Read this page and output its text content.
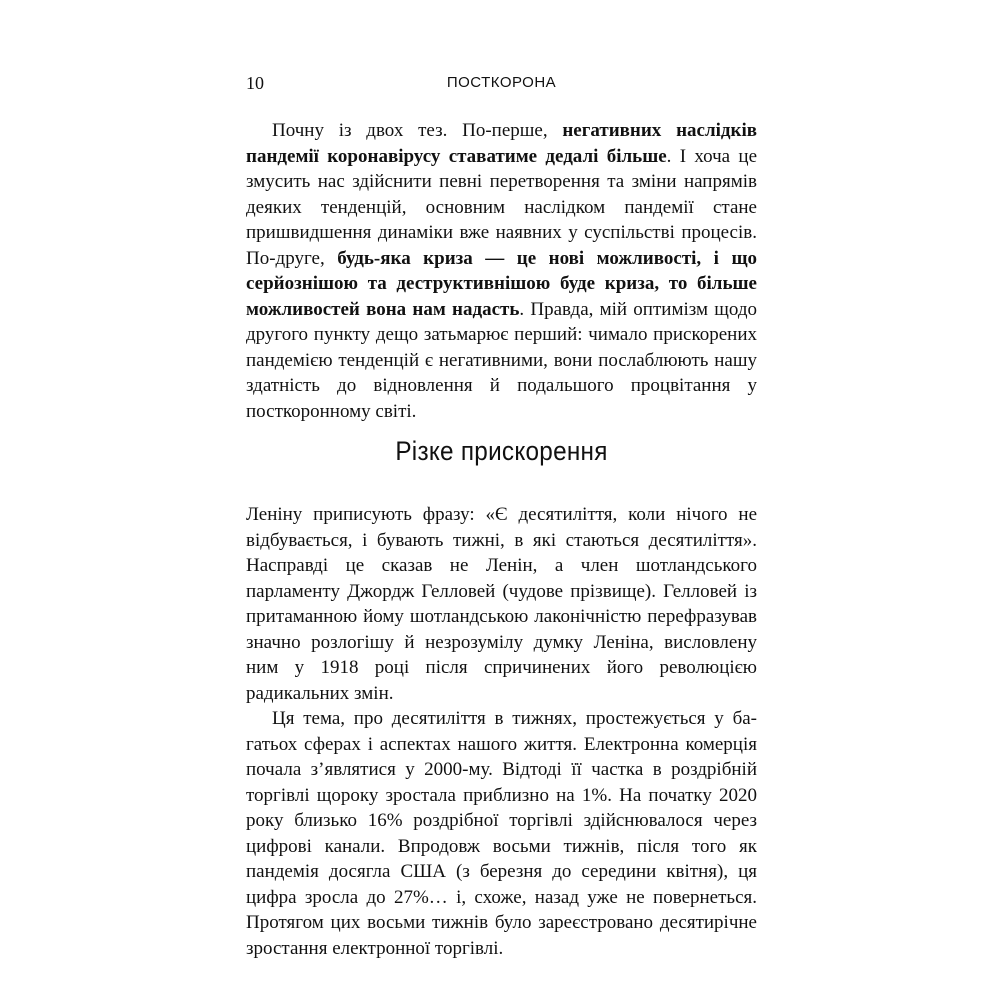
10	ПОСТКОРОНА

Почну із двох тез. По-перше, негативних наслідків пандемії коронавірусу ставатиме дедалі більше. І хоча це змусить нас здійснити певні перетворення та зміни напрямів деяких тенденцій, основним наслідком пандемії стане пришвидшення динаміки вже наявних у суспільстві процесів. По-друге, будь-яка криза — це нові можливості, і що серйознішою та деструктивнішою буде криза, то більше можливостей вона нам надасть. Правда, мій оптимізм щодо другого пункту дещо затьмарює перший: чимало прискорених пандемією тенденцій є негативними, вони послаблюють нашу здатність до відновлення й подальшого процвітання у посткоронному світі.

Різке прискорення

Леніну приписують фразу: «Є десятиліття, коли нічого не відбувається, і бувають тижні, в які стаються десятиліття». Насправді це сказав не Ленін, а член шотландського парламенту Джордж Гелловей (чудове прізвище). Гелловей із притаманною йому шотландською лаконічністю перефразував значно розлогішу й незрозумілу думку Леніна, висловлену ним у 1918 році після спричинених його революцією радикальних змін.

Ця тема, про десятиліття в тижнях, простежується у багатьох сферах і аспектах нашого життя. Електронна комерція почала з’являтися у 2000-му. Відтоді її частка в роздрібній торгівлі щороку зростала приблизно на 1%. На початку 2020 року близько 16% роздрібної торгівлі здійснювалося через цифрові канали. Впродовж восьми тижнів, після того як пандемія досягла США (з березня до середини квітня), ця цифра зросла до 27%… і, схоже, назад уже не повернеться. Протягом цих восьми тижнів було зареєстровано десятирічне зростання електронної торгівлі.
